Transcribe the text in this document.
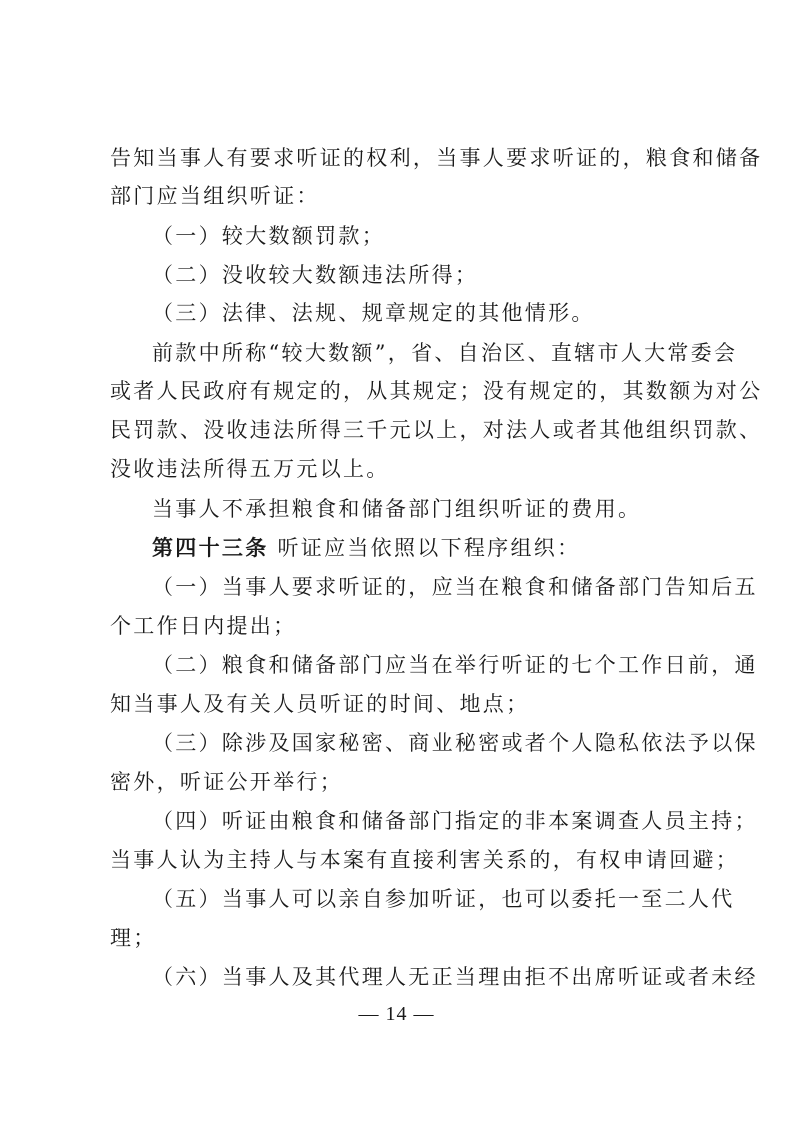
告知当事人有要求听证的权利，当事人要求听证的，粮食和储备
部门应当组织听证：
（一）较大数额罚款；
（二）没收较大数额违法所得；
（三）法律、法规、规章规定的其他情形。
前款中所称“较大数额”，省、自治区、直辖市人大常委会
或者人民政府有规定的，从其规定；没有规定的，其数额为对公
民罚款、没收违法所得三千元以上，对法人或者其他组织罚款、
没收违法所得五万元以上。
当事人不承担粮食和储备部门组织听证的费用。
第四十三条 听证应当依照以下程序组织：
（一）当事人要求听证的，应当在粮食和储备部门告知后五
个工作日内提出；
（二）粮食和储备部门应当在举行听证的七个工作日前，通
知当事人及有关人员听证的时间、地点；
（三）除涉及国家秘密、商业秘密或者个人隐私依法予以保
密外，听证公开举行；
（四）听证由粮食和储备部门指定的非本案调查人员主持；
当事人认为主持人与本案有直接利害关系的，有权申请回避；
（五）当事人可以亲自参加听证，也可以委托一至二人代
理；
（六）当事人及其代理人无正当理由拒不出席听证或者未经
— 14 —
